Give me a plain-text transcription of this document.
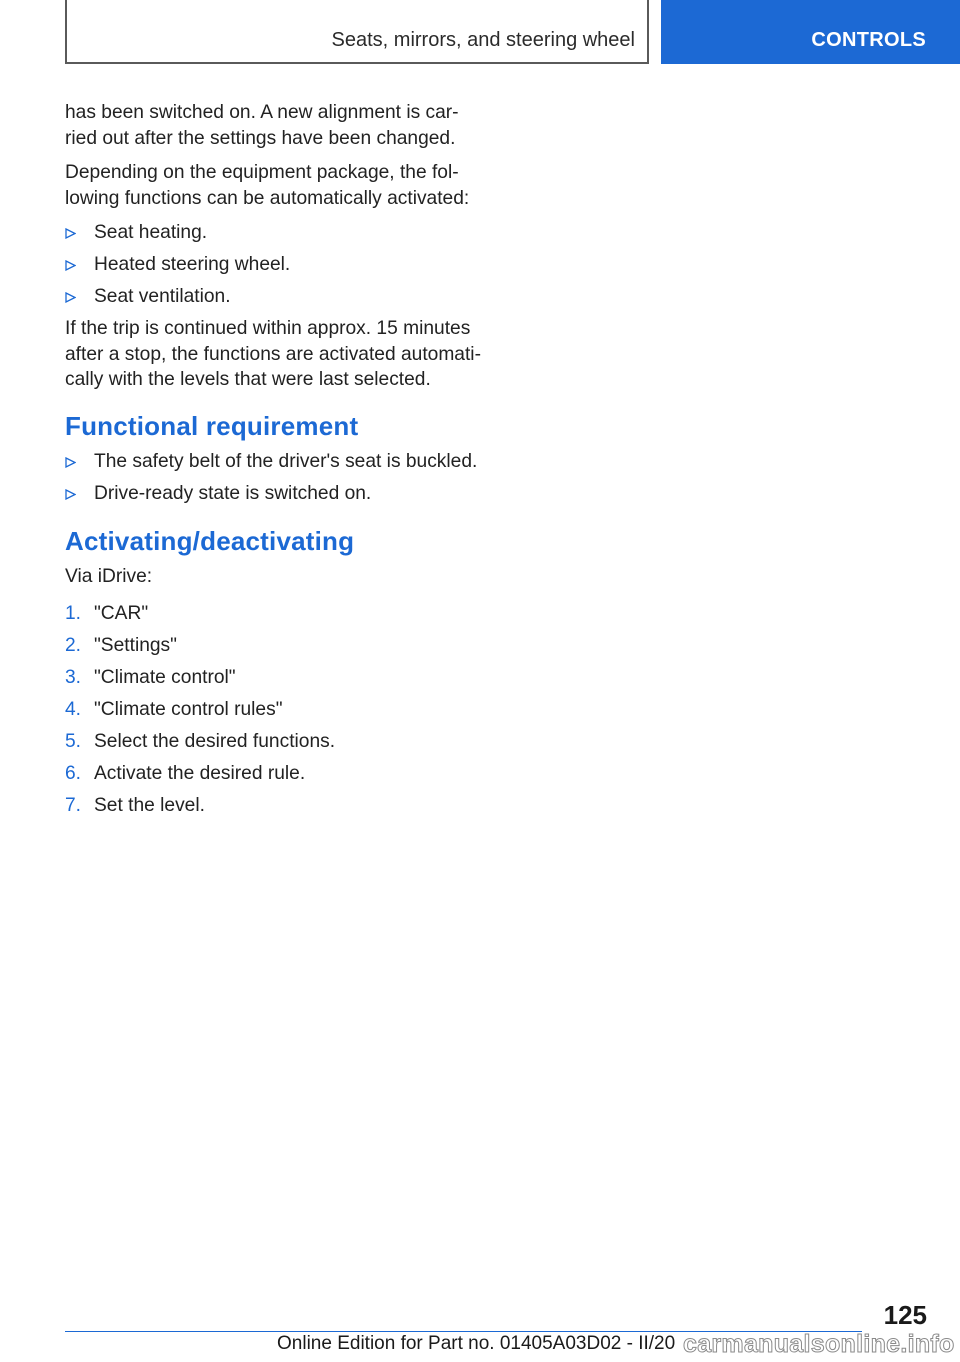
Seats, mirrors, and steering wheel	CONTROLS

has been switched on. A new alignment is car-ried out after the settings have been changed.

Depending on the equipment package, the fol-lowing functions can be automatically activated:

Seat heating.
Heated steering wheel.
Seat ventilation.

If the trip is continued within approx. 15 minutes after a stop, the functions are activated automati-cally with the levels that were last selected.

Functional requirement
The safety belt of the driver's seat is buckled.
Drive-ready state is switched on.
Activating/deactivating

Via iDrive:

1. "CAR"
2. "Settings"
3. "Climate control"
4. "Climate control rules"
5. Select the desired functions.
6. Activate the desired rule.
7. Set the level.
125
Online Edition for Part no. 01405A03D02 - II/20 carmanualsonline.info
